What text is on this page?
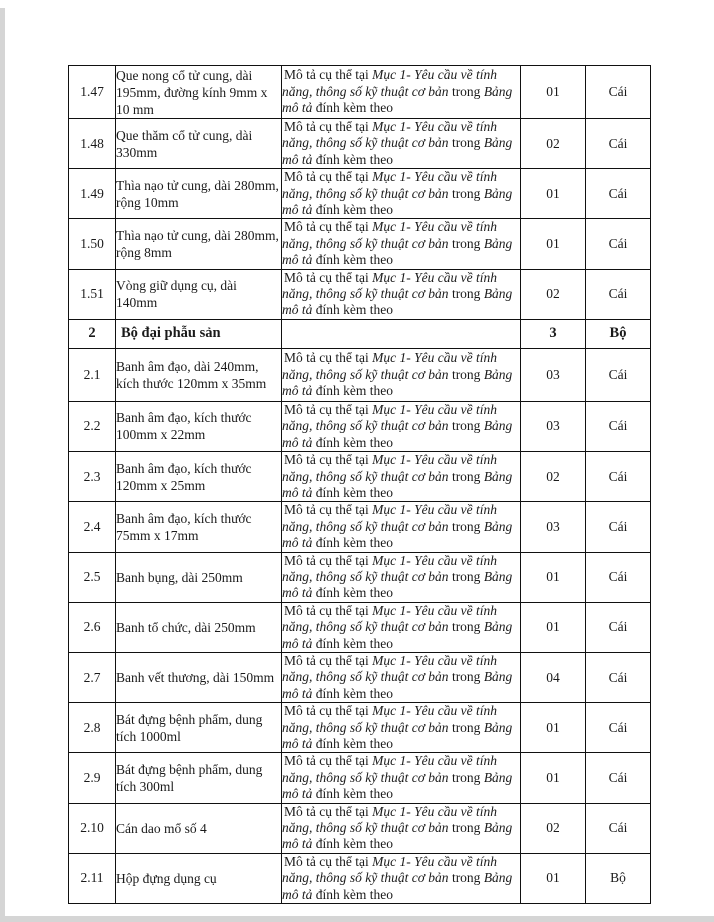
1.47	Que nong cổ tử cung, dài 195mm, đường kính 9mm x 10 mm	Mô tả cụ thể tại Mục 1- Yêu cầu về tính năng, thông số kỹ thuật cơ bản trong Bảng mô tả đính kèm theo	01	Cái
1.48	Que thăm cổ tử cung, dài 330mm	Mô tả cụ thể tại Mục 1- Yêu cầu về tính năng, thông số kỹ thuật cơ bản trong Bảng mô tả đính kèm theo	02	Cái
1.49	Thìa nạo tử cung, dài 280mm, rộng 10mm	Mô tả cụ thể tại Mục 1- Yêu cầu về tính năng, thông số kỹ thuật cơ bản trong Bảng mô tả đính kèm theo	01	Cái
1.50	Thìa nạo tử cung, dài 280mm, rộng 8mm	Mô tả cụ thể tại Mục 1- Yêu cầu về tính năng, thông số kỹ thuật cơ bản trong Bảng mô tả đính kèm theo	01	Cái
1.51	Vòng giữ dụng cụ, dài 140mm	Mô tả cụ thể tại Mục 1- Yêu cầu về tính năng, thông số kỹ thuật cơ bản trong Bảng mô tả đính kèm theo	02	Cái
2	Bộ đại phẫu sản		3	Bộ
2.1	Banh âm đạo, dài 240mm, kích thước 120mm x 35mm	Mô tả cụ thể tại Mục 1- Yêu cầu về tính năng, thông số kỹ thuật cơ bản trong Bảng mô tả đính kèm theo	03	Cái
2.2	Banh âm đạo, kích thước 100mm x 22mm	Mô tả cụ thể tại Mục 1- Yêu cầu về tính năng, thông số kỹ thuật cơ bản trong Bảng mô tả đính kèm theo	03	Cái
2.3	Banh âm đạo, kích thước 120mm x 25mm	Mô tả cụ thể tại Mục 1- Yêu cầu về tính năng, thông số kỹ thuật cơ bản trong Bảng mô tả đính kèm theo	02	Cái
2.4	Banh âm đạo, kích thước 75mm x 17mm	Mô tả cụ thể tại Mục 1- Yêu cầu về tính năng, thông số kỹ thuật cơ bản trong Bảng mô tả đính kèm theo	03	Cái
2.5	Banh bụng, dài 250mm	Mô tả cụ thể tại Mục 1- Yêu cầu về tính năng, thông số kỹ thuật cơ bản trong Bảng mô tả đính kèm theo	01	Cái
2.6	Banh tổ chức, dài 250mm	Mô tả cụ thể tại Mục 1- Yêu cầu về tính năng, thông số kỹ thuật cơ bản trong Bảng mô tả đính kèm theo	01	Cái
2.7	Banh vết thương, dài 150mm	Mô tả cụ thể tại Mục 1- Yêu cầu về tính năng, thông số kỹ thuật cơ bản trong Bảng mô tả đính kèm theo	04	Cái
2.8	Bát đựng bệnh phẩm, dung tích 1000ml	Mô tả cụ thể tại Mục 1- Yêu cầu về tính năng, thông số kỹ thuật cơ bản trong Bảng mô tả đính kèm theo	01	Cái
2.9	Bát đựng bệnh phẩm, dung tích 300ml	Mô tả cụ thể tại Mục 1- Yêu cầu về tính năng, thông số kỹ thuật cơ bản trong Bảng mô tả đính kèm theo	01	Cái
2.10	Cán dao mổ số 4	Mô tả cụ thể tại Mục 1- Yêu cầu về tính năng, thông số kỹ thuật cơ bản trong Bảng mô tả đính kèm theo	02	Cái
2.11	Hộp đựng dụng cụ	Mô tả cụ thể tại Mục 1- Yêu cầu về tính năng, thông số kỹ thuật cơ bản trong Bảng mô tả đính kèm theo	01	Bộ
